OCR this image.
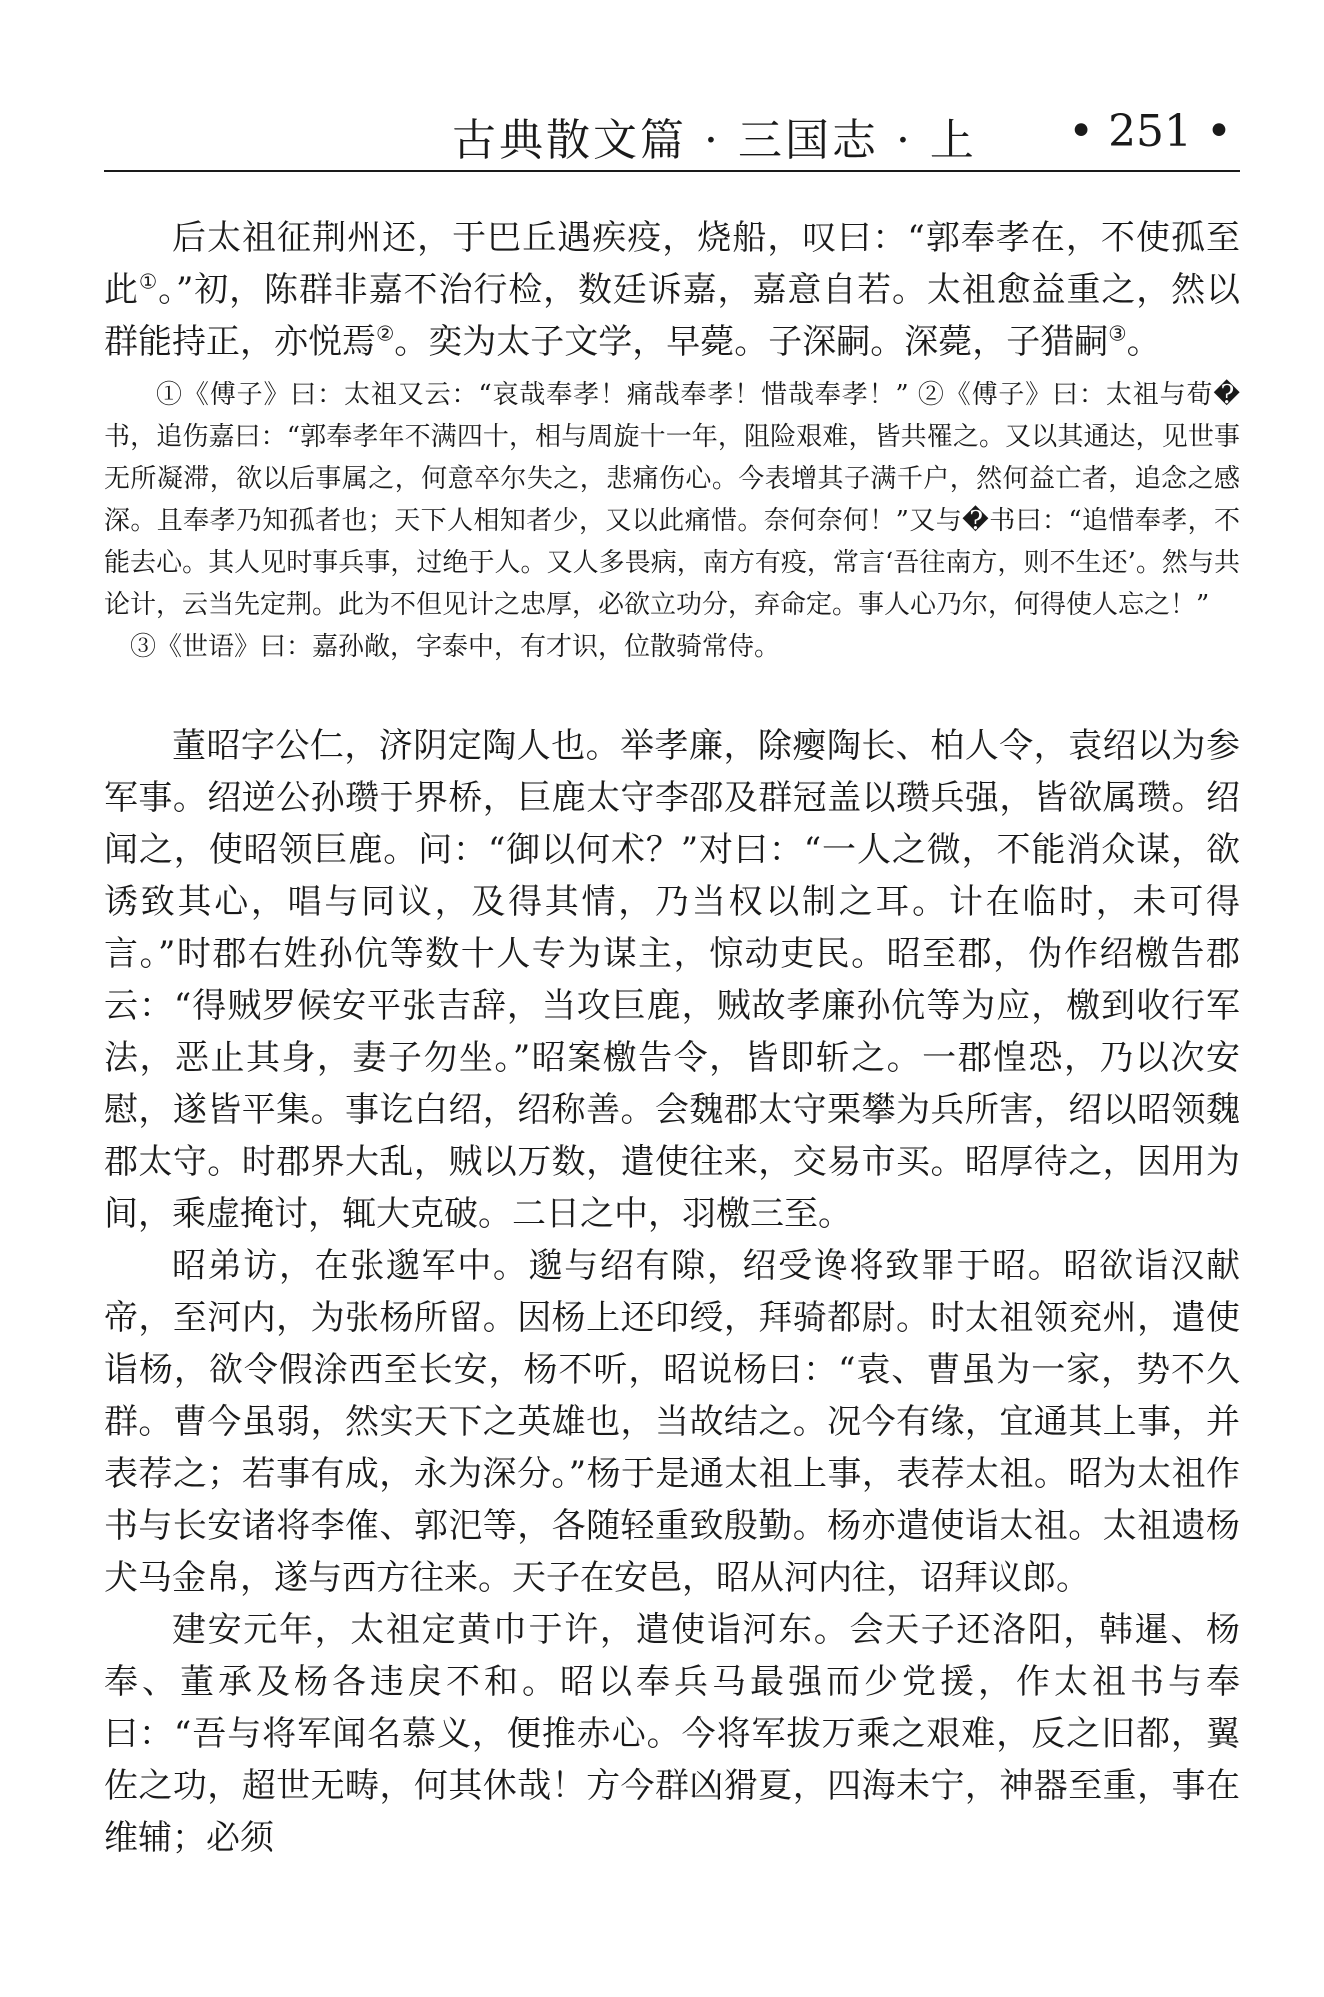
古典散文篇 · 三国志 · 上 • 251 •

后太祖征荆州还，于巴丘遇疾疫，烧船，叹曰：“郭奉孝在，不使孤至此①。”初，陈群非嘉不治行检，数廷诉嘉，嘉意自若。太祖愈益重之，然以群能持正，亦悦焉②。奕为太子文学，早薨。子深嗣。深薨，子猎嗣③。

①《傅子》曰：太祖又云：“哀哉奉孝！痛哉奉孝！惜哉奉孝！” ②《傅子》曰：太祖与荀�书，追伤嘉曰：“郭奉孝年不满四十，相与周旋十一年，阻险艰难，皆共罹之。又以其通达，见世事无所凝滞，欲以后事属之，何意卒尔失之，悲痛伤心。今表增其子满千户，然何益亡者，追念之感深。且奉孝乃知孤者也；天下人相知者少，又以此痛惜。奈何奈何！”又与�书曰：“追惜奉孝，不能去心。其人见时事兵事，过绝于人。又人多畏病，南方有疫，常言‘吾往南方，则不生还’。然与共论计，云当先定荆。此为不但见计之忠厚，必欲立功分，弃命定。事人心乃尔，何得使人忘之！”

③《世语》曰：嘉孙敞，字泰中，有才识，位散骑常侍。

董昭字公仁，济阴定陶人也。举孝廉，除瘿陶长、柏人令，袁绍以为参军事。绍逆公孙瓒于界桥，巨鹿太守李邵及群冠盖以瓒兵强，皆欲属瓒。绍闻之，使昭领巨鹿。问：“御以何术？”对曰：“一人之微，不能消众谋，欲诱致其心，唱与同议，及得其情，乃当权以制之耳。计在临时，未可得言。”时郡右姓孙伉等数十人专为谋主，惊动吏民。昭至郡，伪作绍檄告郡云：“得贼罗候安平张吉辞，当攻巨鹿，贼故孝廉孙伉等为应，檄到收行军法，恶止其身，妻子勿坐。”昭案檄告令，皆即斩之。一郡惶恐，乃以次安慰，遂皆平集。事讫白绍，绍称善。会魏郡太守栗攀为兵所害，绍以昭领魏郡太守。时郡界大乱，贼以万数，遣使往来，交易市买。昭厚待之，因用为间，乘虚掩讨，辄大克破。二日之中，羽檄三至。

昭弟访，在张邈军中。邈与绍有隙，绍受谗将致罪于昭。昭欲诣汉献帝，至河内，为张杨所留。因杨上还印绶，拜骑都尉。时太祖领兖州，遣使诣杨，欲令假涂西至长安，杨不听，昭说杨曰：“袁、曹虽为一家，势不久群。曹今虽弱，然实天下之英雄也，当故结之。况今有缘，宜通其上事，并表荐之；若事有成，永为深分。”杨于是通太祖上事，表荐太祖。昭为太祖作书与长安诸将李傕、郭汜等，各随轻重致殷勤。杨亦遣使诣太祖。太祖遗杨犬马金帛，遂与西方往来。天子在安邑，昭从河内往，诏拜议郎。

建安元年，太祖定黄巾于许，遣使诣河东。会天子还洛阳，韩暹、杨奉、董承及杨各违戾不和。昭以奉兵马最强而少党援，作太祖书与奉曰：“吾与将军闻名慕义，便推赤心。今将军拔万乘之艰难，反之旧都，翼佐之功，超世无畴，何其休哉！方今群凶猾夏，四海未宁，神器至重，事在维辅；必须
